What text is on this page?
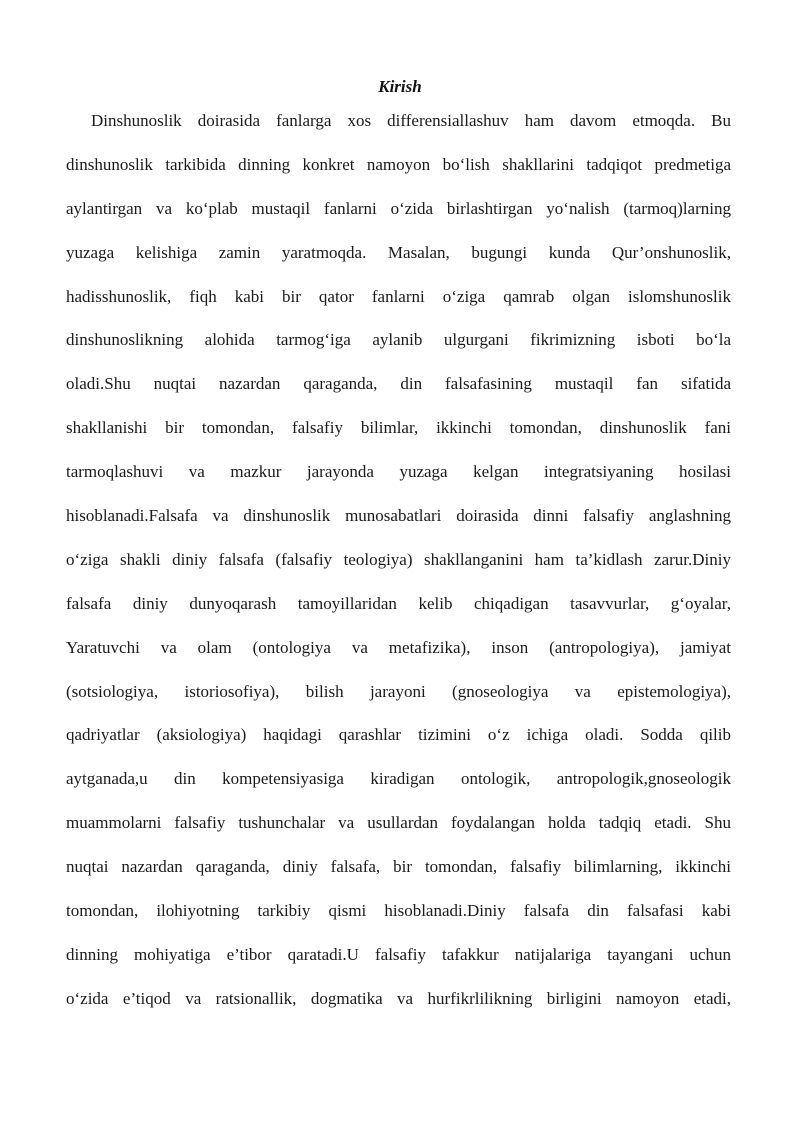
Kirish
Dinshunoslik doirasida fanlarga xos differensiallashuv ham davom etmoqda. Bu
dinshunoslik tarkibida dinning konkret namoyon bo‘lish shakllarini tadqiqot predmetiga
aylantirgan va ko‘plab mustaqil fanlarni o‘zida birlashtirgan yo‘nalish (tarmoq)larning
yuzaga kelishiga zamin yaratmoqda. Masalan, bugungi kunda Qur’onshunoslik,
hadisshunoslik, fiqh kabi bir qator fanlarni o‘ziga qamrab olgan islomshunoslik
dinshunoslikning alohida tarmog‘iga aylanib ulgurgani fikrimizning isboti bo‘la
oladi.Shu nuqtai nazardan qaraganda, din falsafasining mustaqil fan sifatida
shakllanishi bir tomondan, falsafiy bilimlar, ikkinchi tomondan, dinshunoslik fani
tarmoqlashuvi va mazkur jarayonda yuzaga kelgan integratsiyaning hosilasi
hisoblanadi.Falsafa va dinshunoslik munosabatlari doirasida dinni falsafiy anglashning
o‘ziga shakli diniy falsafa (falsafiy teologiya) shakllanganini ham ta’kidlash zarur.Diniy
falsafa diniy dunyoqarash tamoyillaridan kelib chiqadigan tasavvurlar, g‘oyalar,
Yaratuvchi va olam (ontologiya va metafizika), inson (antropologiya), jamiyat
(sotsiologiya, istoriosofiya), bilish jarayoni (gnoseologiya va epistemologiya),
qadriyatlar (aksiologiya) haqidagi qarashlar tizimini o‘z ichiga oladi. Sodda qilib
aytganada,u din kompetensiyasiga kiradigan ontologik, antropologik,gnoseologik
muammolarni falsafiy tushunchalar va usullardan foydalangan holda tadqiq etadi. Shu
nuqtai nazardan qaraganda, diniy falsafa, bir tomondan, falsafiy bilimlarning, ikkinchi
tomondan, ilohiyotning tarkibiy qismi hisoblanadi.Diniy falsafa din falsafasi kabi
dinning mohiyatiga e’tibor qaratadi.U falsafiy tafakkur natijalariga tayangani uchun
o‘zida e’tiqod va ratsionallik, dogmatika va hurfikrlilikning birligini namoyon etadi,
